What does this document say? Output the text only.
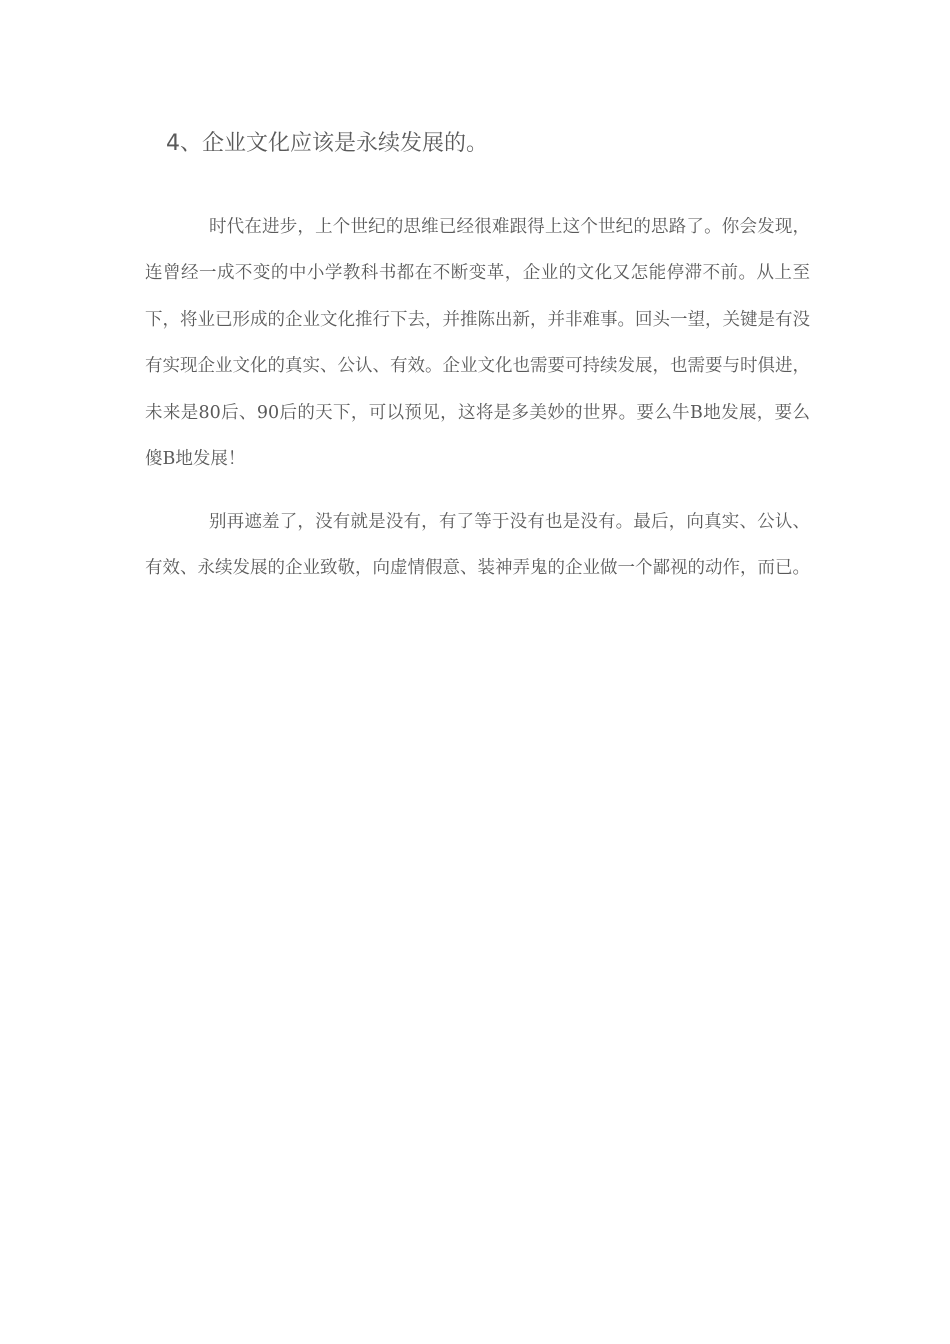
4、企业文化应该是永续发展的。

时代在进步，上个世纪的思维已经很难跟得上这个世纪的思路了。你会发现，连曾经一成不变的中小学教科书都在不断变革，企业的文化又怎能停滞不前。从上至下，将业已形成的企业文化推行下去，并推陈出新，并非难事。回头一望，关键是有没有实现企业文化的真实、公认、有效。企业文化也需要可持续发展，也需要与时俱进，未来是80后、90后的天下，可以预见，这将是多美妙的世界。要么牛B地发展，要么傻B地发展！

别再遮羞了，没有就是没有，有了等于没有也是没有。最后，向真实、公认、有效、永续发展的企业致敬，向虚情假意、装神弄鬼的企业做一个鄙视的动作，而已。
